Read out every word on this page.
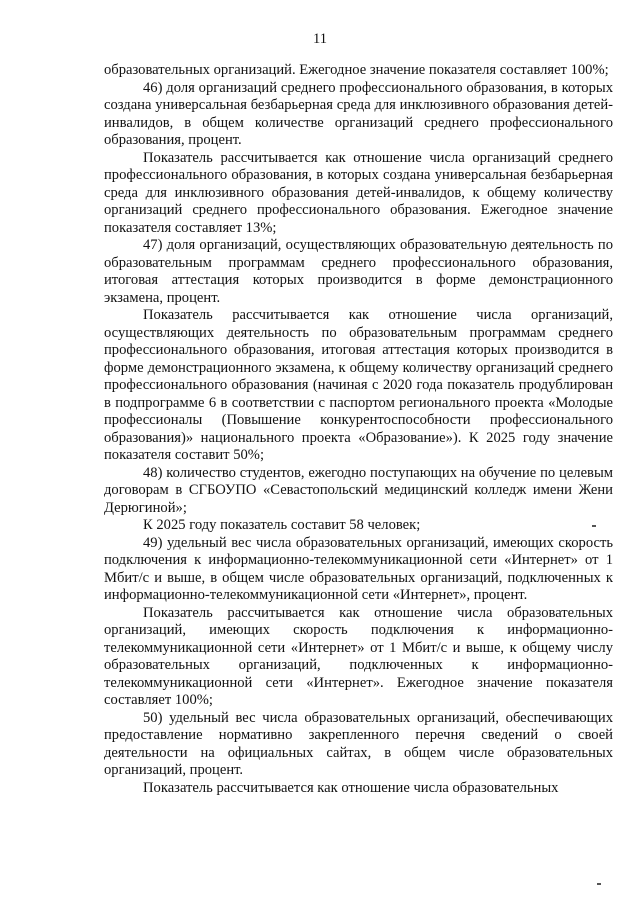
11

образовательных организаций. Ежегодное значение показателя составляет 100%;

46) доля организаций среднего профессионального образования, в которых создана универсальная безбарьерная среда для инклюзивного образования детей-инвалидов, в общем количестве организаций среднего профессионального образования, процент.

Показатель рассчитывается как отношение числа организаций среднего профессионального образования, в которых создана универсальная безбарьерная среда для инклюзивного образования детей-инвалидов, к общему количеству организаций среднего профессионального образования. Ежегодное значение показателя составляет 13%;

47) доля организаций, осуществляющих образовательную деятельность по образовательным программам среднего профессионального образования, итоговая аттестация которых производится в форме демонстрационного экзамена, процент.

Показатель рассчитывается как отношение числа организаций, осуществляющих деятельность по образовательным программам среднего профессионального образования, итоговая аттестация которых производится в форме демонстрационного экзамена, к общему количеству организаций среднего профессионального образования (начиная с 2020 года показатель продублирован в подпрограмме 6 в соответствии с паспортом регионального проекта «Молодые профессионалы (Повышение конкурентоспособности профессионального образования)» национального проекта «Образование»). К 2025 году значение показателя составит 50%;

48) количество студентов, ежегодно поступающих на обучение по целевым договорам в СГБОУПО «Севастопольский медицинский колледж имени Жени Дерюгиной»;

К 2025 году показатель составит 58 человек;

49) удельный вес числа образовательных организаций, имеющих скорость подключения к информационно-телекоммуникационной сети «Интернет» от 1 Мбит/с и выше, в общем числе образовательных организаций, подключенных к информационно-телекоммуникационной сети «Интернет», процент.

Показатель рассчитывается как отношение числа образовательных организаций, имеющих скорость подключения к информационно-телекоммуникационной сети «Интернет» от 1 Мбит/с и выше, к общему числу образовательных организаций, подключенных к информационно-телекоммуникационной сети «Интернет». Ежегодное значение показателя составляет 100%;

50) удельный вес числа образовательных организаций, обеспечивающих предоставление нормативно закрепленного перечня сведений о своей деятельности на официальных сайтах, в общем числе образовательных организаций, процент.

Показатель рассчитывается как отношение числа образовательных
